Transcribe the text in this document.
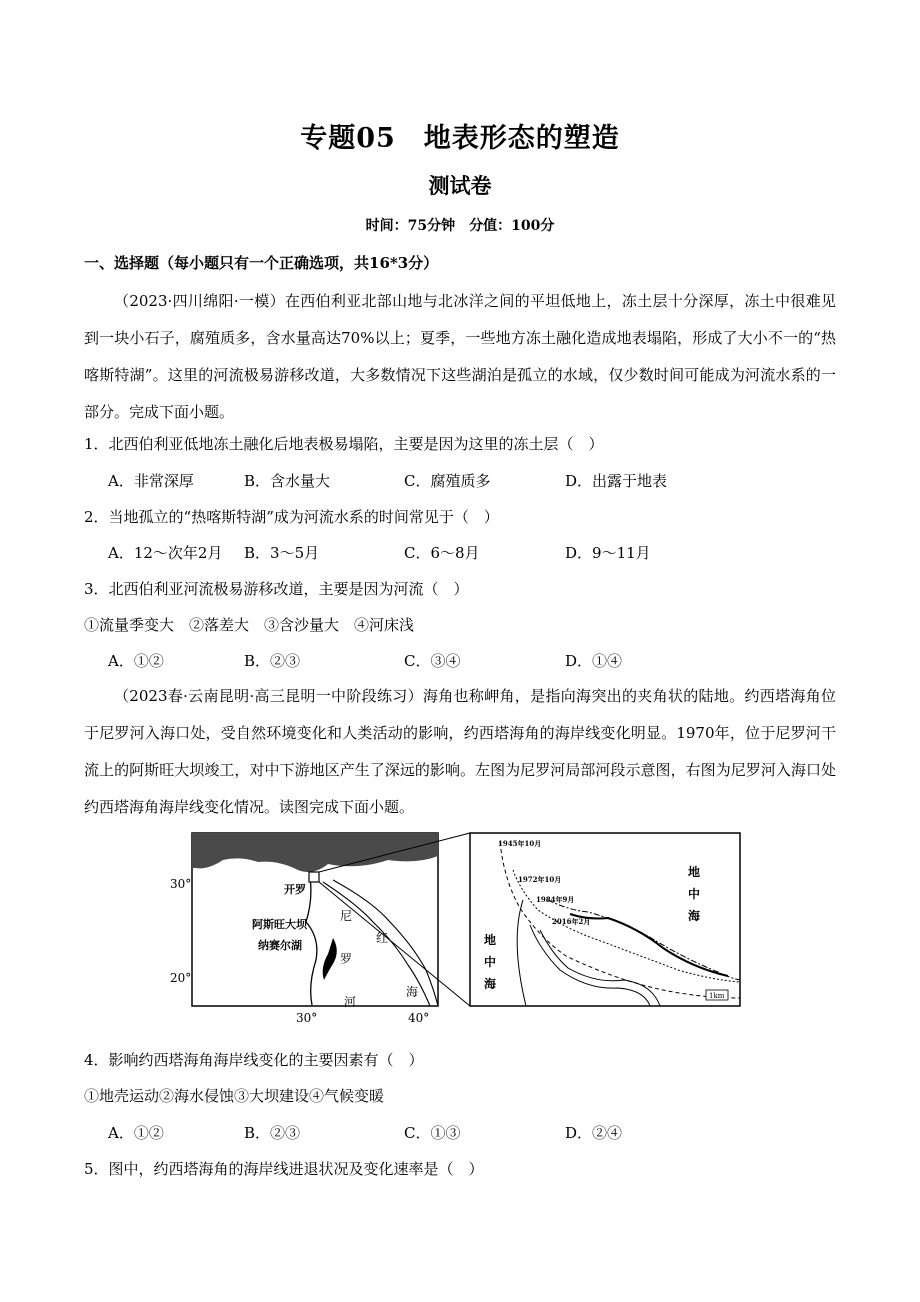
专题05　地表形态的塑造
测试卷
时间：75分钟　分值：100分
一、选择题（每小题只有一个正确选项，共16*3分）
（2023·四川绵阳·一模）在西伯利亚北部山地与北冰洋之间的平坦低地上，冻土层十分深厚，冻土中很难见到一块小石子，腐殖质多，含水量高达70%以上；夏季，一些地方冻土融化造成地表塌陷，形成了大小不一的“热喀斯特湖”。这里的河流极易游移改道，大多数情况下这些湖泊是孤立的水域，仅少数时间可能成为河流水系的一部分。完成下面小题。
1．北西伯利亚低地冻土融化后地表极易塌陷，主要是因为这里的冻土层（　）
A．非常深厚	B．含水量大	C．腐殖质多	D．出露于地表
2．当地孤立的“热喀斯特湖”成为河流水系的时间常见于（　）
A．12～次年2月 B．3～5月	C．6～8月	D．9～11月
3．北西伯利亚河流极易游移改道，主要是因为河流（　）
①流量季变大　②落差大　③含沙量大　④河床浅
A．①②	B．②③	C．③④	D．①④
（2023春·云南昆明·高三昆明一中阶段练习）海角也称岬角，是指向海突出的夹角状的陆地。约西塔海角位于尼罗河入海口处，受自然环境变化和人类活动的影响，约西塔海角的海岸线变化明显。1970年，位于尼罗河干流上的阿斯旺大坝竣工，对中下游地区产生了深远的影响。左图为尼罗河局部河段示意图，右图为尼罗河入海口处约西塔海角海岸线变化情况。读图完成下面小题。
30°
20°
30°	40°
开罗
阿斯旺大坝
纳赛尔湖
尼
罗
河
红
海
1945年10月
1972年10月
1984年9月
2016年2月
地
中
海
地
中
海
1km
4．影响约西塔海角海岸线变化的主要因素有（　）
①地壳运动②海水侵蚀③大坝建设④气候变暖
A．①②	B．②③	C．①③	D．②④
5．图中，约西塔海角的海岸线进退状况及变化速率是（　）
